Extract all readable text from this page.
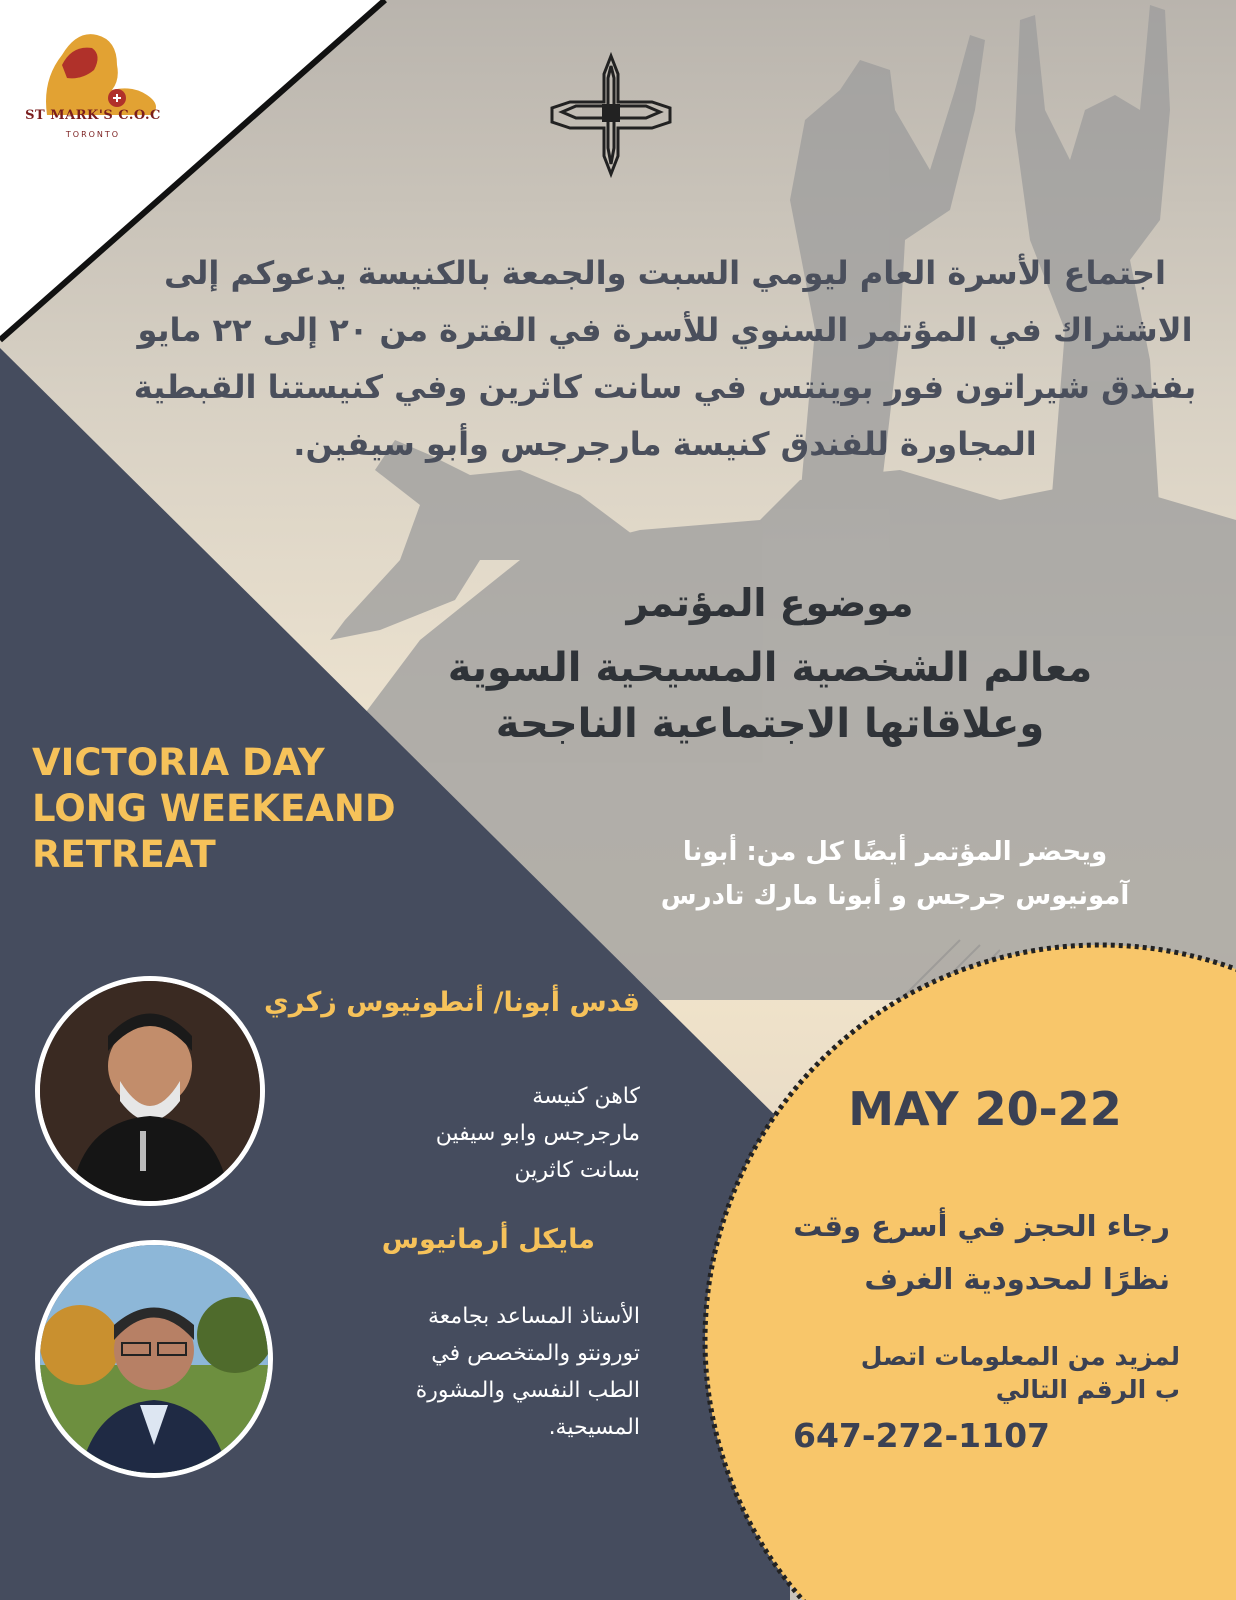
ST MARK'S C.O.C
TORONTO
اجتماع الأسرة العام ليومي السبت والجمعة بالكنيسة يدعوكم إلى الاشتراك في المؤتمر السنوي للأسرة في الفترة من ٢٠ إلى ٢٢ مايو بفندق شيراتون فور بوينتس في سانت كاثرين وفي كنيستنا القبطية المجاورة للفندق كنيسة مارجرجس وأبو سيفين.
موضوع المؤتمر
معالم الشخصية المسيحية السوية
وعلاقاتها الاجتماعية الناجحة
VICTORIA DAY
LONG WEEKEAND
RETREAT	ويحضر المؤتمر أيضًا كل من: أبونا
آمونيوس جرجس و أبونا مارك تادرس
قدس أبونا/ أنطونيوس زكري
كاهن كنيسة
مارجرجس وابو سيفين
بسانت كاثرين
مايكل أرمانيوس
الأستاذ المساعد بجامعة
تورونتو والمتخصص في
الطب النفسي والمشورة
المسيحية.
MAY 20-22
رجاء الحجز في أسرع وقت
نظرًا لمحدودية الغرف
لمزيد من المعلومات اتصل
ب الرقم التالي
647-272-1107
